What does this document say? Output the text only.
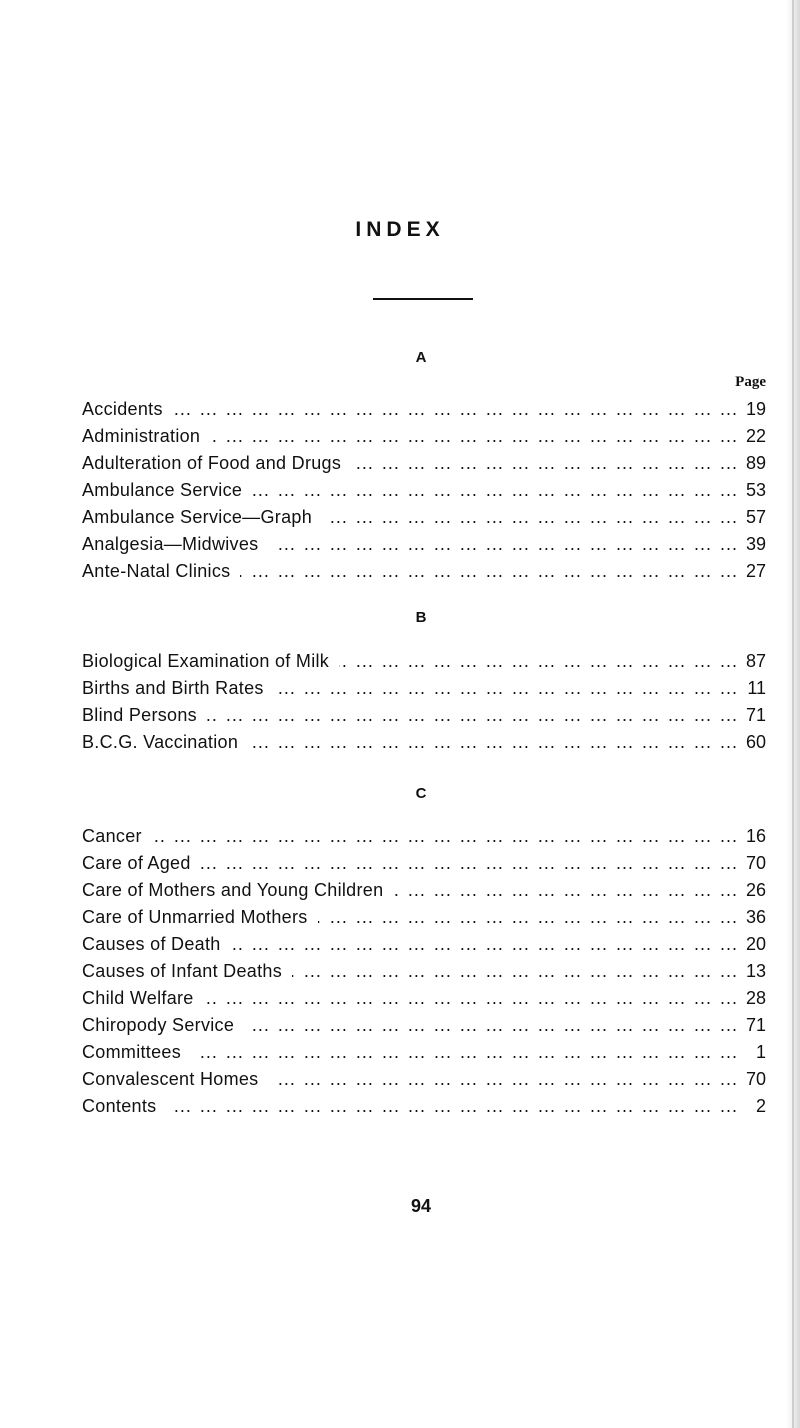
INDEX
A
Page
Accidents ... .	19
Administration ... .	22
Adulteration of Food and Drugs ... .	89
Ambulance Service ... .	53
Ambulance Service—Graph ... .	57
Analgesia—Midwives ... .	39
Ante-Natal Clinics ... .	27
B
Biological Examination of Milk ... .	87
Births and Birth Rates ... .	11
Blind Persons ... .	71
B.C.G. Vaccination ... .	60
C
Cancer ... .	16
Care of Aged ... .	70
Care of Mothers and Young Children ... .	26
Care of Unmarried Mothers ... .	36
Causes of Death ... .	20
Causes of Infant Deaths ... .	13
Child Welfare ... .	28
Chiropody Service ... .	71
Committees ... .	1
Convalescent Homes ... .	70
Contents ... .	2
94
